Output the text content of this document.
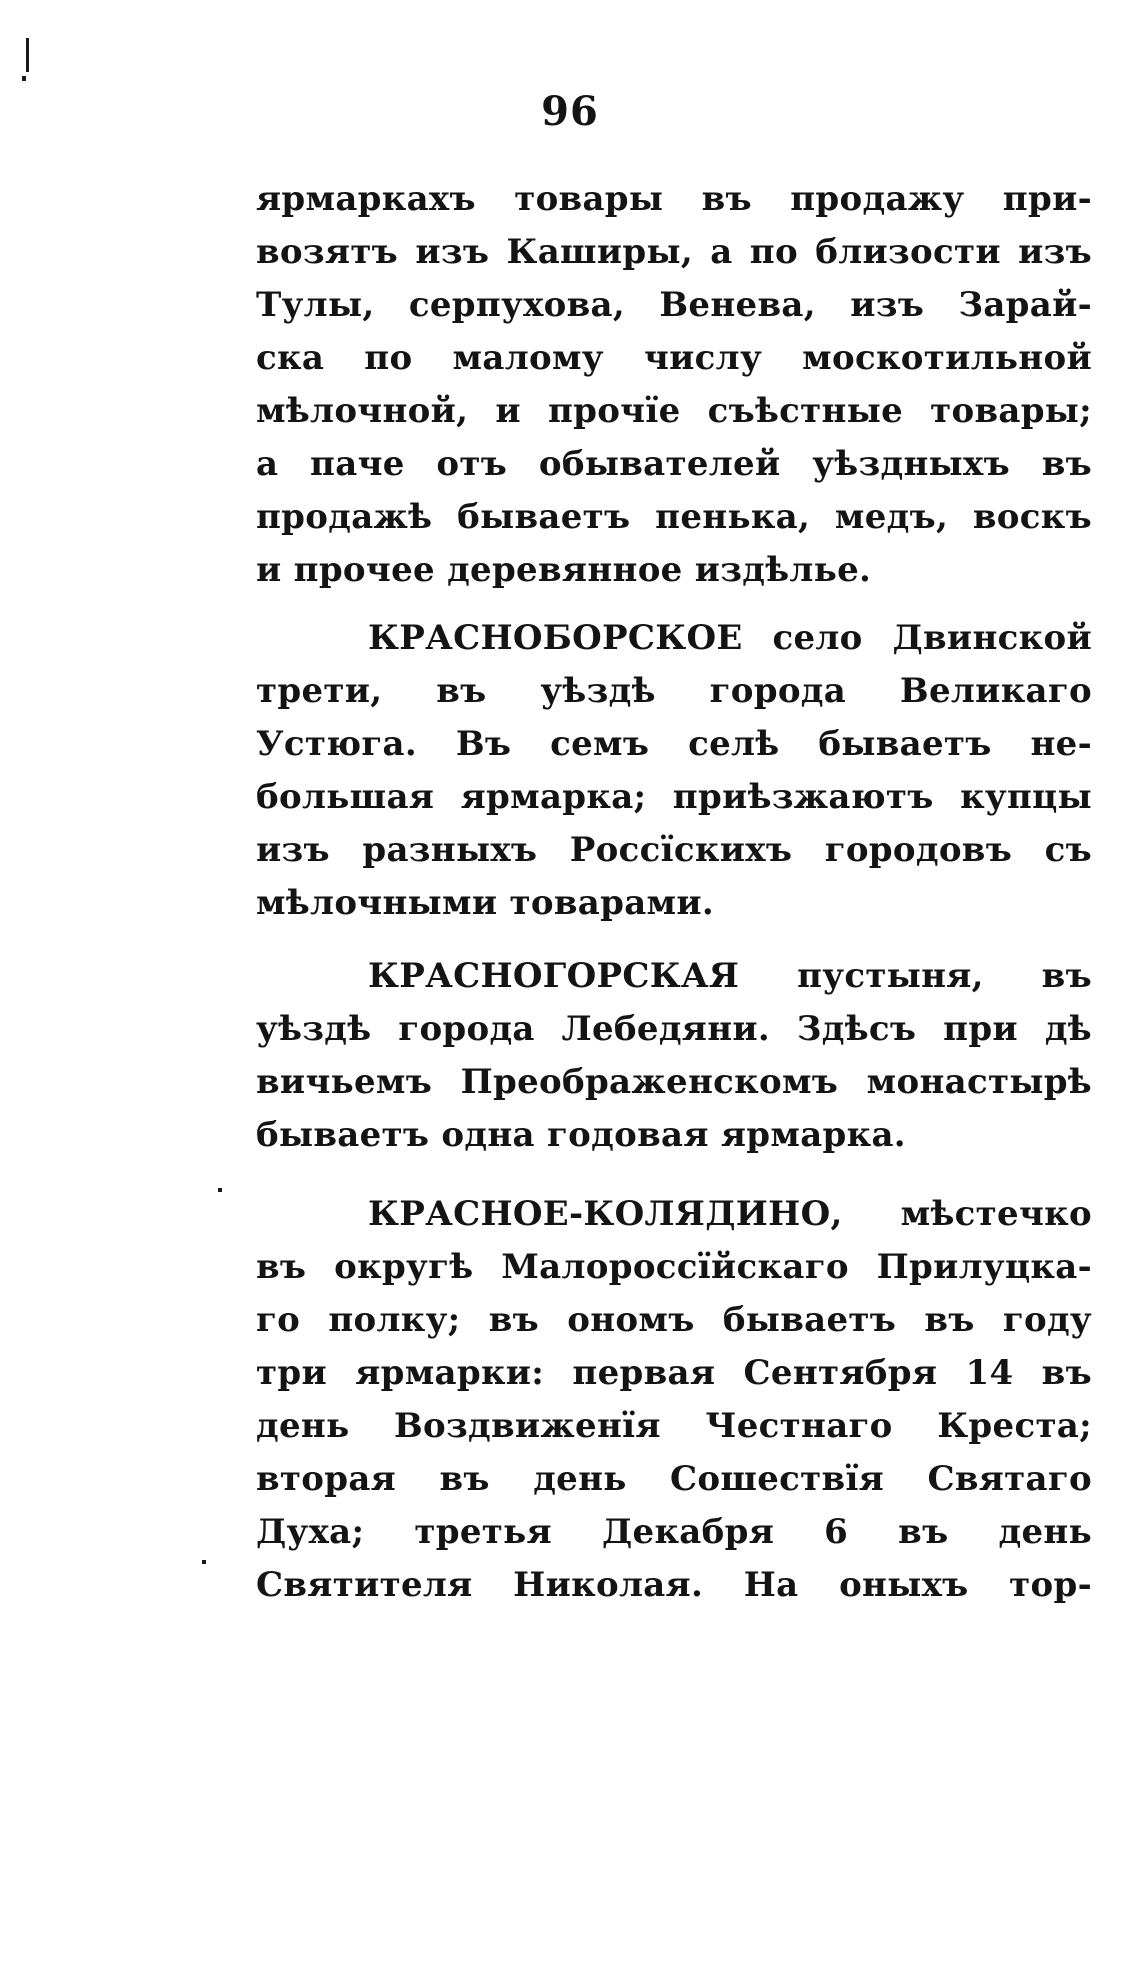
96
ярмаркахъ товары въ продажу при-
возятъ изъ Каширы, а по близости изъ
Тулы, серпухова, Венева, изъ Зарай-
ска по малому числу москотильной
мѣлочной, и прочїе съѣстные товары;
а паче отъ обывателей уѣздныхъ въ
продажѣ бываетъ пенька, медъ, воскъ
и прочее деревянное издѣлье.
КРАСНОБОРСКОЕ село Двинской
трети, въ уѣздѣ города Великаго
Устюга. Въ семъ селѣ бываетъ не-
большая ярмарка; приѣзжаютъ купцы
изъ разныхъ Россїскихъ городовъ съ
мѣлочными товарами.
КРАСНОГОРСКАЯ пустыня, въ
уѣздѣ города Лебедяни. Здѣсъ при дѣ
вичьемъ Преображенскомъ монастырѣ
бываетъ одна годовая ярмарка.
КРАСНОЕ-КОЛЯДИНО, мѣстечко
въ округѣ Малороссїйскаго Прилуцка-
го полку; въ ономъ бываетъ въ году
три ярмарки: первая Сентября 14 въ
день Воздвиженїя Честнаго Креста;
вторая въ день Сошествїя Святаго
Духа; третья Декабря 6 въ день
Святителя Николая. На оныхъ тор-
